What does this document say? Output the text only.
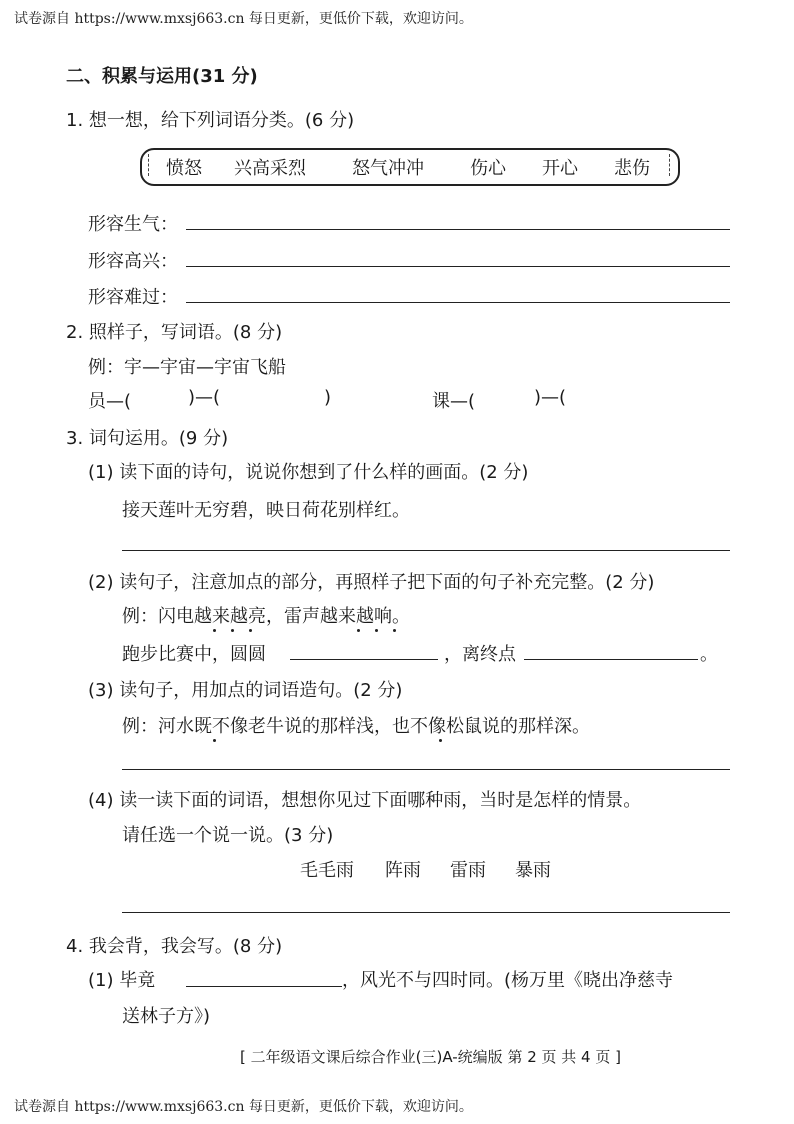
试卷源自 https://www.mxsj663.cn 每日更新，更低价下载，欢迎访问。
二、积累与运用(31 分)
1. 想一想，给下列词语分类。(6 分)
愤怒 兴高采烈	怒气冲冲	伤心 开心 悲伤
形容生气：
形容高兴：
形容难过：
2. 照样子，写词语。(8 分)
例：宇—宇宙—宇宙飞船
员—(	)—(	)	课—(	)—(
3. 词句运用。(9 分)
(1) 读下面的诗句，说说你想到了什么样的画面。(2 分)
接天莲叶无穷碧，映日荷花别样红。
(2) 读句子，注意加点的部分，再照样子把下面的句子补充完整。(2 分)
例：闪电越来越亮，雷声越来越响。
跑步比赛中，圆圆	，离终点	。
(3) 读句子，用加点的词语造句。(2 分)
例：河水既不像老牛说的那样浅，也不像松鼠说的那样深。
(4) 读一读下面的词语，想想你见过下面哪种雨，当时是怎样的情景。
请任选一个说一说。(3 分)
毛毛雨 阵雨 雷雨 暴雨
4. 我会背，我会写。(8 分)
(1) 毕竟	，风光不与四时同。(杨万里《晓出净慈寺
送林子方》)
[ 二年级语文课后综合作业(三)A-统编版 第 2 页 共 4 页 ]
试卷源自 https://www.mxsj663.cn 每日更新，更低价下载，欢迎访问。
